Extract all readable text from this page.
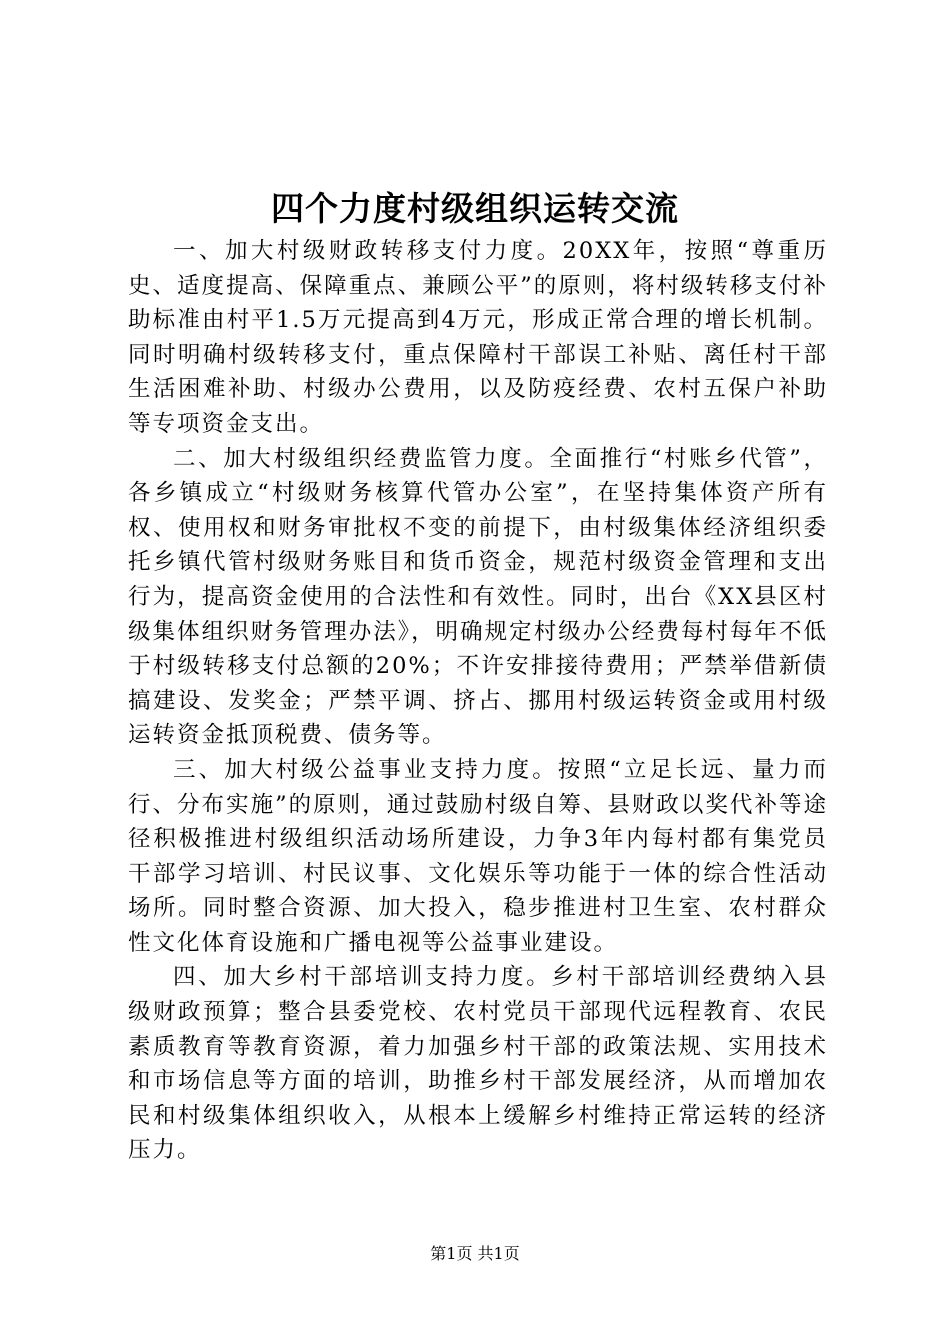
四个力度村级组织运转交流

一、加大村级财政转移支付力度。20XX年，按照“尊重历史、适度提高、保障重点、兼顾公平”的原则，将村级转移支付补助标准由村平1.5万元提高到4万元，形成正常合理的增长机制。同时明确村级转移支付，重点保障村干部误工补贴、离任村干部生活困难补助、村级办公费用，以及防疫经费、农村五保户补助等专项资金支出。

二、加大村级组织经费监管力度。全面推行“村账乡代管”，各乡镇成立“村级财务核算代管办公室”，在坚持集体资产所有权、使用权和财务审批权不变的前提下，由村级集体经济组织委托乡镇代管村级财务账目和货币资金，规范村级资金管理和支出行为，提高资金使用的合法性和有效性。同时，出台《XX县区村级集体组织财务管理办法》，明确规定村级办公经费每村每年不低于村级转移支付总额的20%；不许安排接待费用；严禁举借新债搞建设、发奖金；严禁平调、挤占、挪用村级运转资金或用村级运转资金抵顶税费、债务等。

三、加大村级公益事业支持力度。按照“立足长远、量力而行、分布实施”的原则，通过鼓励村级自筹、县财政以奖代补等途径积极推进村级组织活动场所建设，力争3年内每村都有集党员干部学习培训、村民议事、文化娱乐等功能于一体的综合性活动场所。同时整合资源、加大投入，稳步推进村卫生室、农村群众性文化体育设施和广播电视等公益事业建设。

四、加大乡村干部培训支持力度。乡村干部培训经费纳入县级财政预算；整合县委党校、农村党员干部现代远程教育、农民素质教育等教育资源，着力加强乡村干部的政策法规、实用技术和市场信息等方面的培训，助推乡村干部发展经济，从而增加农民和村级集体组织收入，从根本上缓解乡村维持正常运转的经济压力。

第1页 共1页
